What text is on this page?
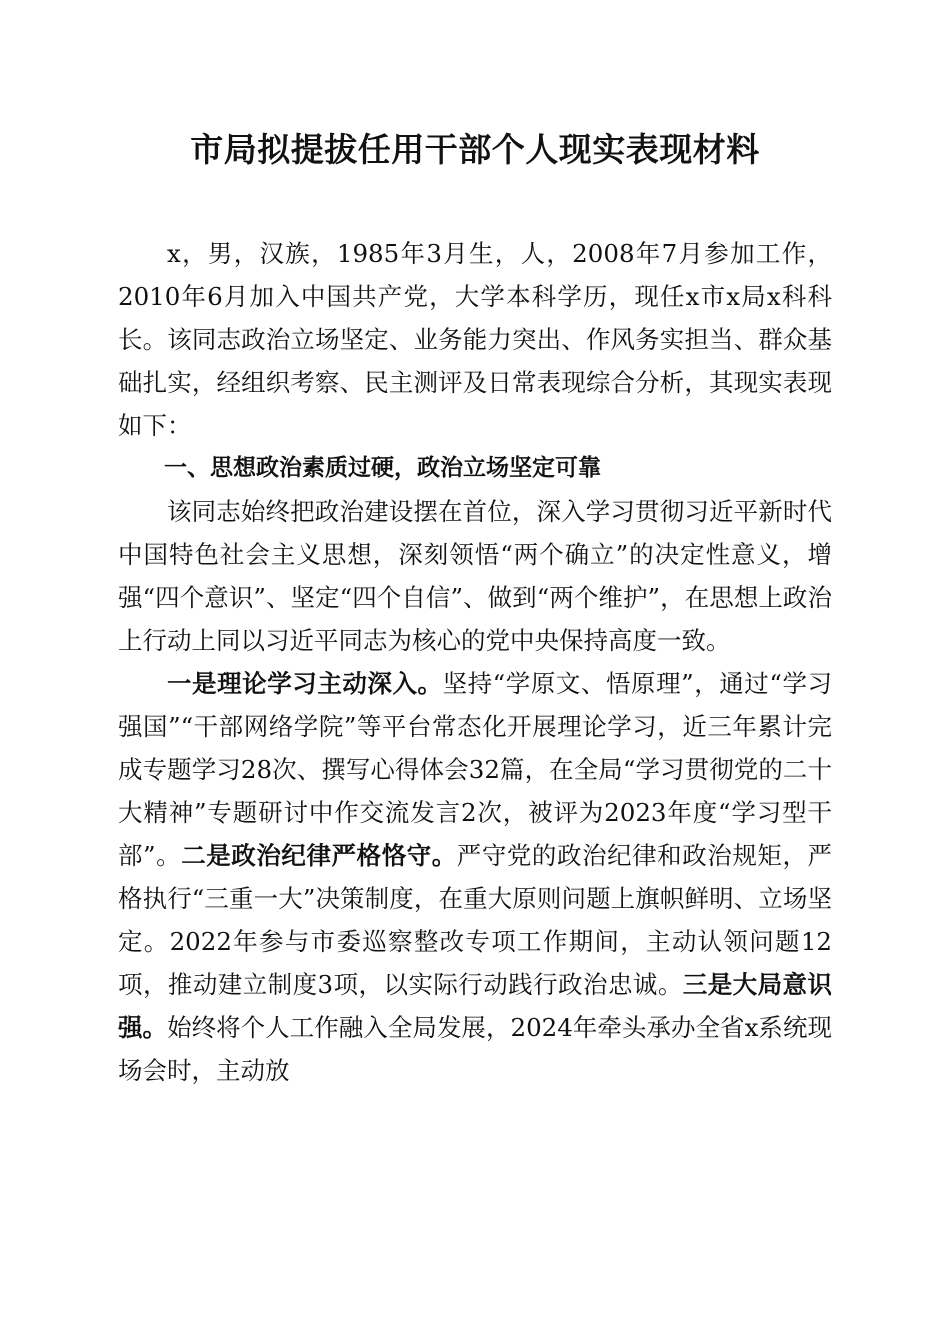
市局拟提拔任用干部个人现实表现材料

x，男，汉族，1985年3月生，人，2008年7月参加工作，2010年6月加入中国共产党，大学本科学历，现任x市x局x科科长。该同志政治立场坚定、业务能力突出、作风务实担当、群众基础扎实，经组织考察、民主测评及日常表现综合分析，其现实表现如下：

一、思想政治素质过硬，政治立场坚定可靠

该同志始终把政治建设摆在首位，深入学习贯彻习近平新时代中国特色社会主义思想，深刻领悟“两个确立”的决定性意义，增强“四个意识”、坚定“四个自信”、做到“两个维护”，在思想上政治上行动上同以习近平同志为核心的党中央保持高度一致。

一是理论学习主动深入。坚持“学原文、悟原理”，通过“学习强国”“干部网络学院”等平台常态化开展理论学习，近三年累计完成专题学习28次、撰写心得体会32篇，在全局“学习贯彻党的二十大精神”专题研讨中作交流发言2次，被评为2023年度“学习型干部”。二是政治纪律严格恪守。严守党的政治纪律和政治规矩，严格执行“三重一大”决策制度，在重大原则问题上旗帜鲜明、立场坚定。2022年参与市委巡察整改专项工作期间，主动认领问题12项，推动建立制度3项，以实际行动践行政治忠诚。三是大局意识强。始终将个人工作融入全局发展，2024年牵头承办全省x系统现场会时，主动放
